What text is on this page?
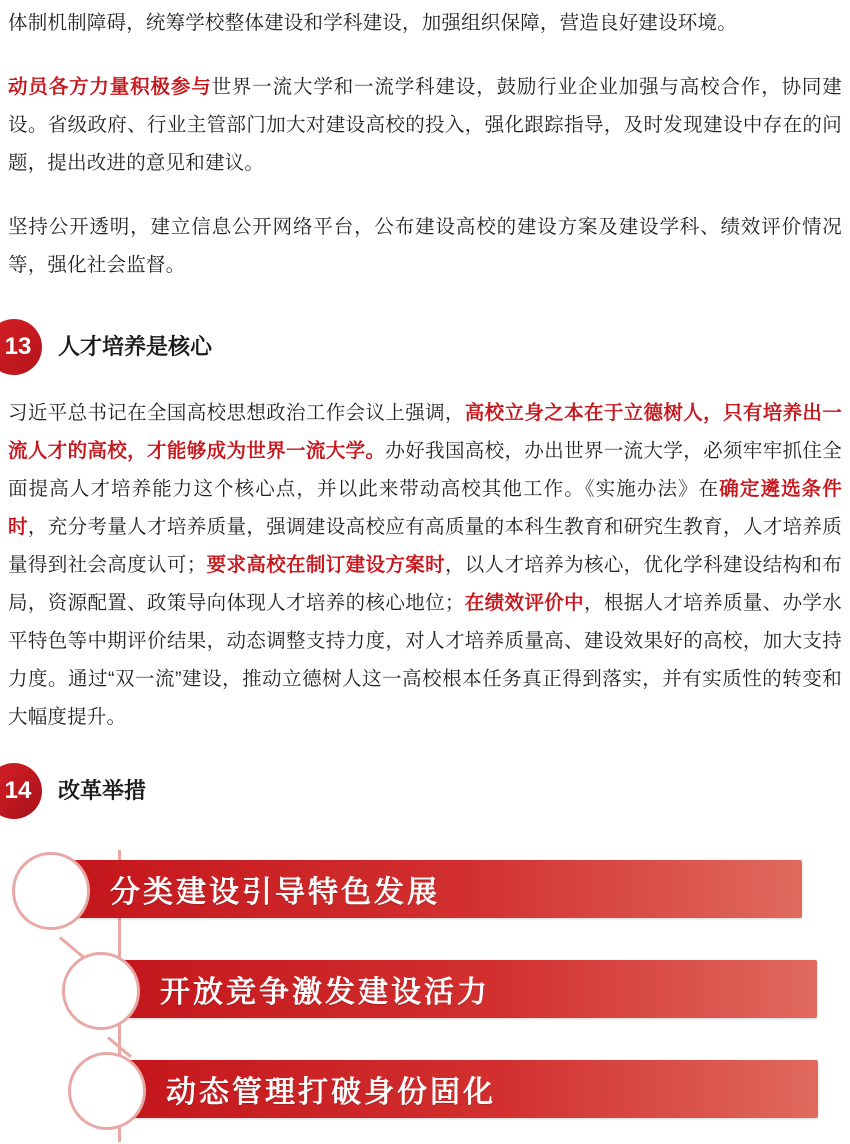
体制机制障碍，统筹学校整体建设和学科建设，加强组织保障，营造良好建设环境。

动员各方力量积极参与世界一流大学和一流学科建设，鼓励行业企业加强与高校合作，协同建设。省级政府、行业主管部门加大对建设高校的投入，强化跟踪指导，及时发现建设中存在的问题，提出改进的意见和建议。

坚持公开透明，建立信息公开网络平台，公布建设高校的建设方案及建设学科、绩效评价情况等，强化社会监督。

13	人才培养是核心

习近平总书记在全国高校思想政治工作会议上强调，高校立身之本在于立德树人，只有培养出一流人才的高校，才能够成为世界一流大学。办好我国高校，办出世界一流大学，必须牢牢抓住全面提高人才培养能力这个核心点，并以此来带动高校其他工作。《实施办法》在确定遴选条件时，充分考量人才培养质量，强调建设高校应有高质量的本科生教育和研究生教育，人才培养质量得到社会高度认可；要求高校在制订建设方案时，以人才培养为核心，优化学科建设结构和布局，资源配置、政策导向体现人才培养的核心地位；在绩效评价中，根据人才培养质量、办学水平特色等中期评价结果，动态调整支持力度，对人才培养质量高、建设效果好的高校，加大支持力度。通过“双一流”建设，推动立德树人这一高校根本任务真正得到落实，并有实质性的转变和大幅度提升。

14	改革举措
分类建设引导特色发展
开放竞争激发建设活力
动态管理打破身份固化
